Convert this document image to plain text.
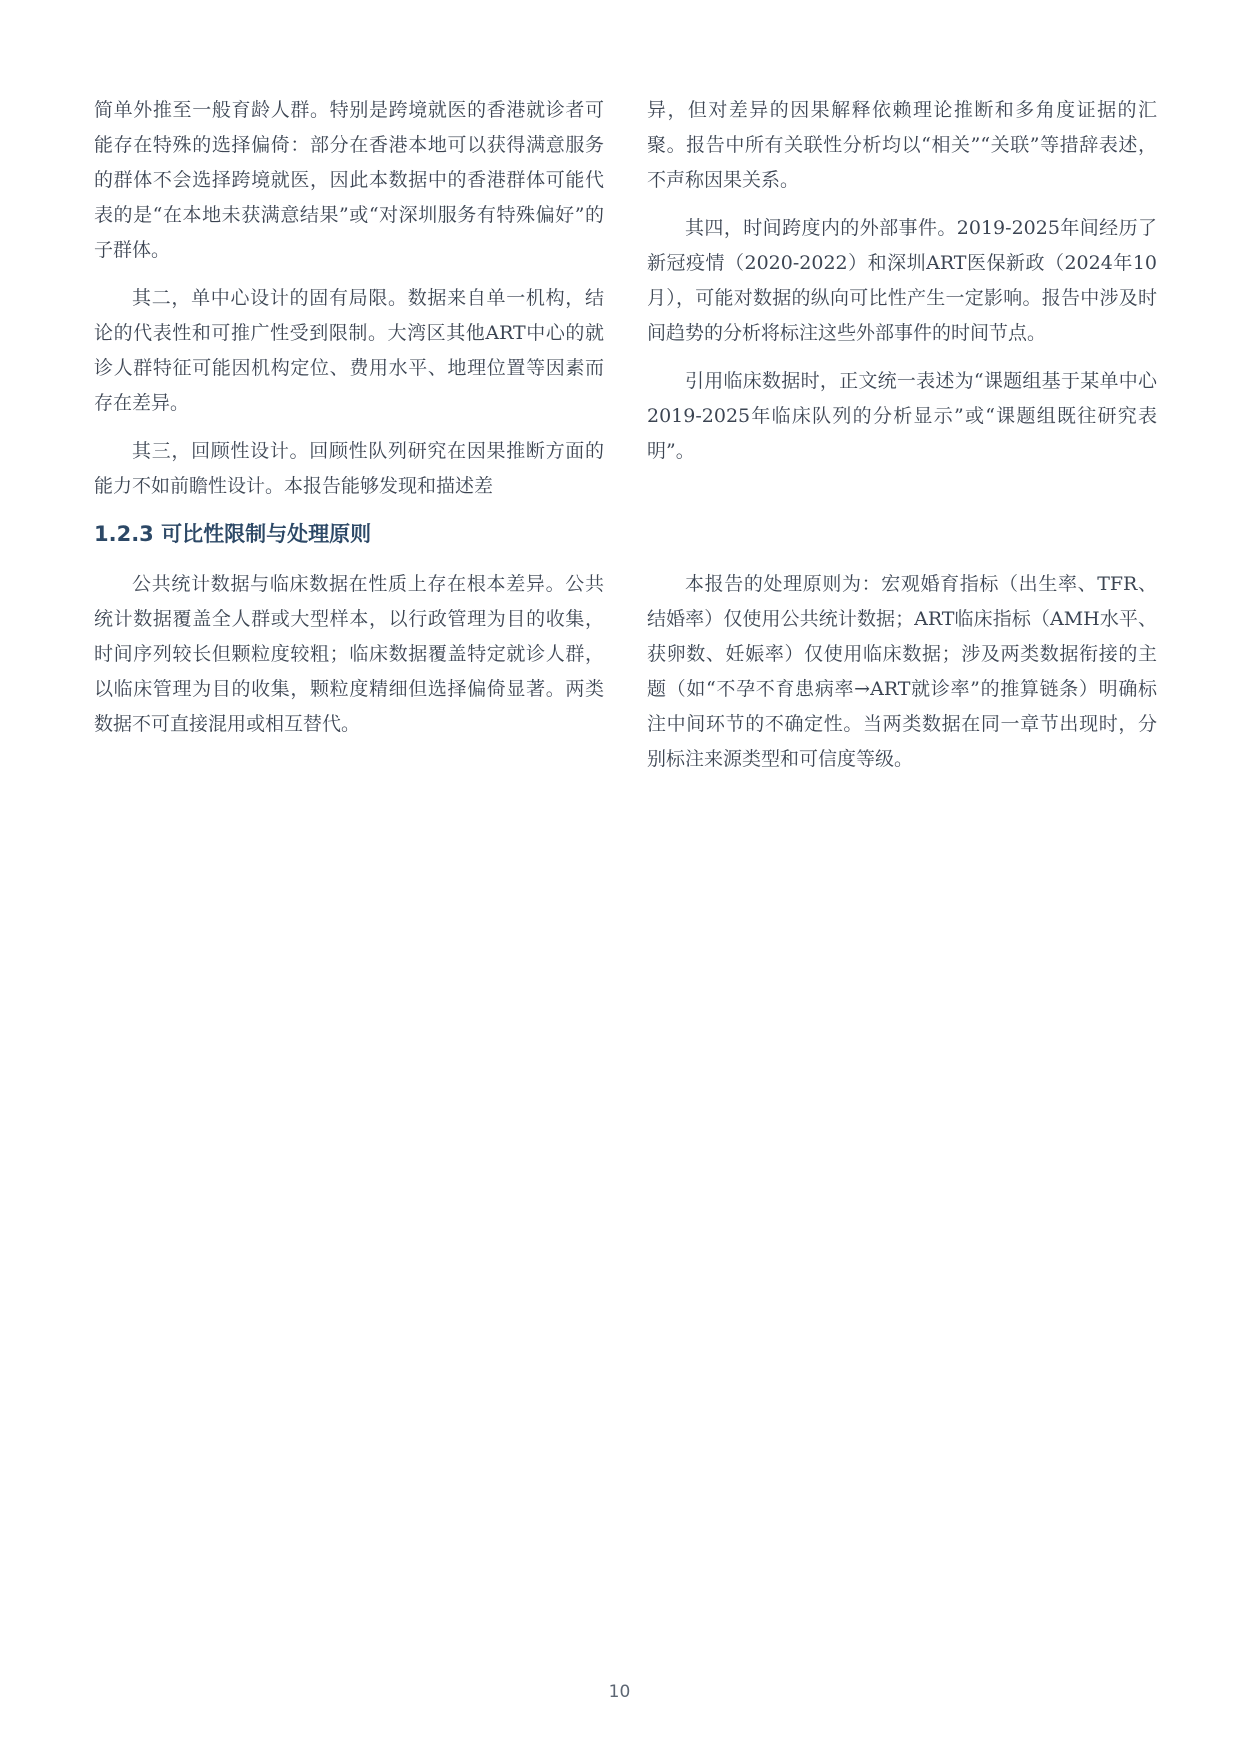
简单外推至一般育龄人群。特别是跨境就医的香港就诊者可能存在特殊的选择偏倚：部分在香港本地可以获得满意服务的群体不会选择跨境就医，因此本数据中的香港群体可能代表的是“在本地未获满意结果”或“对深圳服务有特殊偏好”的子群体。

其二，单中心设计的固有局限。数据来自单一机构，结论的代表性和可推广性受到限制。大湾区其他ART中心的就诊人群特征可能因机构定位、费用水平、地理位置等因素而存在差异。

其三，回顾性设计。回顾性队列研究在因果推断方面的能力不如前瞻性设计。本报告能够发现和描述差

异，但对差异的因果解释依赖理论推断和多角度证据的汇聚。报告中所有关联性分析均以“相关”“关联”等措辞表述，不声称因果关系。

其四，时间跨度内的外部事件。2019-2025年间经历了新冠疫情（2020-2022）和深圳ART医保新政（2024年10月），可能对数据的纵向可比性产生一定影响。报告中涉及时间趋势的分析将标注这些外部事件的时间节点。

引用临床数据时，正文统一表述为“课题组基于某单中心2019-2025年临床队列的分析显示”或“课题组既往研究表明”。

1.2.3 可比性限制与处理原则

公共统计数据与临床数据在性质上存在根本差异。公共统计数据覆盖全人群或大型样本，以行政管理为目的收集，时间序列较长但颗粒度较粗；临床数据覆盖特定就诊人群，以临床管理为目的收集，颗粒度精细但选择偏倚显著。两类数据不可直接混用或相互替代。

本报告的处理原则为：宏观婚育指标（出生率、TFR、结婚率）仅使用公共统计数据；ART临床指标（AMH水平、获卵数、妊娠率）仅使用临床数据；涉及两类数据衔接的主题（如“不孕不育患病率→ART就诊率”的推算链条）明确标注中间环节的不确定性。当两类数据在同一章节出现时，分别标注来源类型和可信度等级。

10
